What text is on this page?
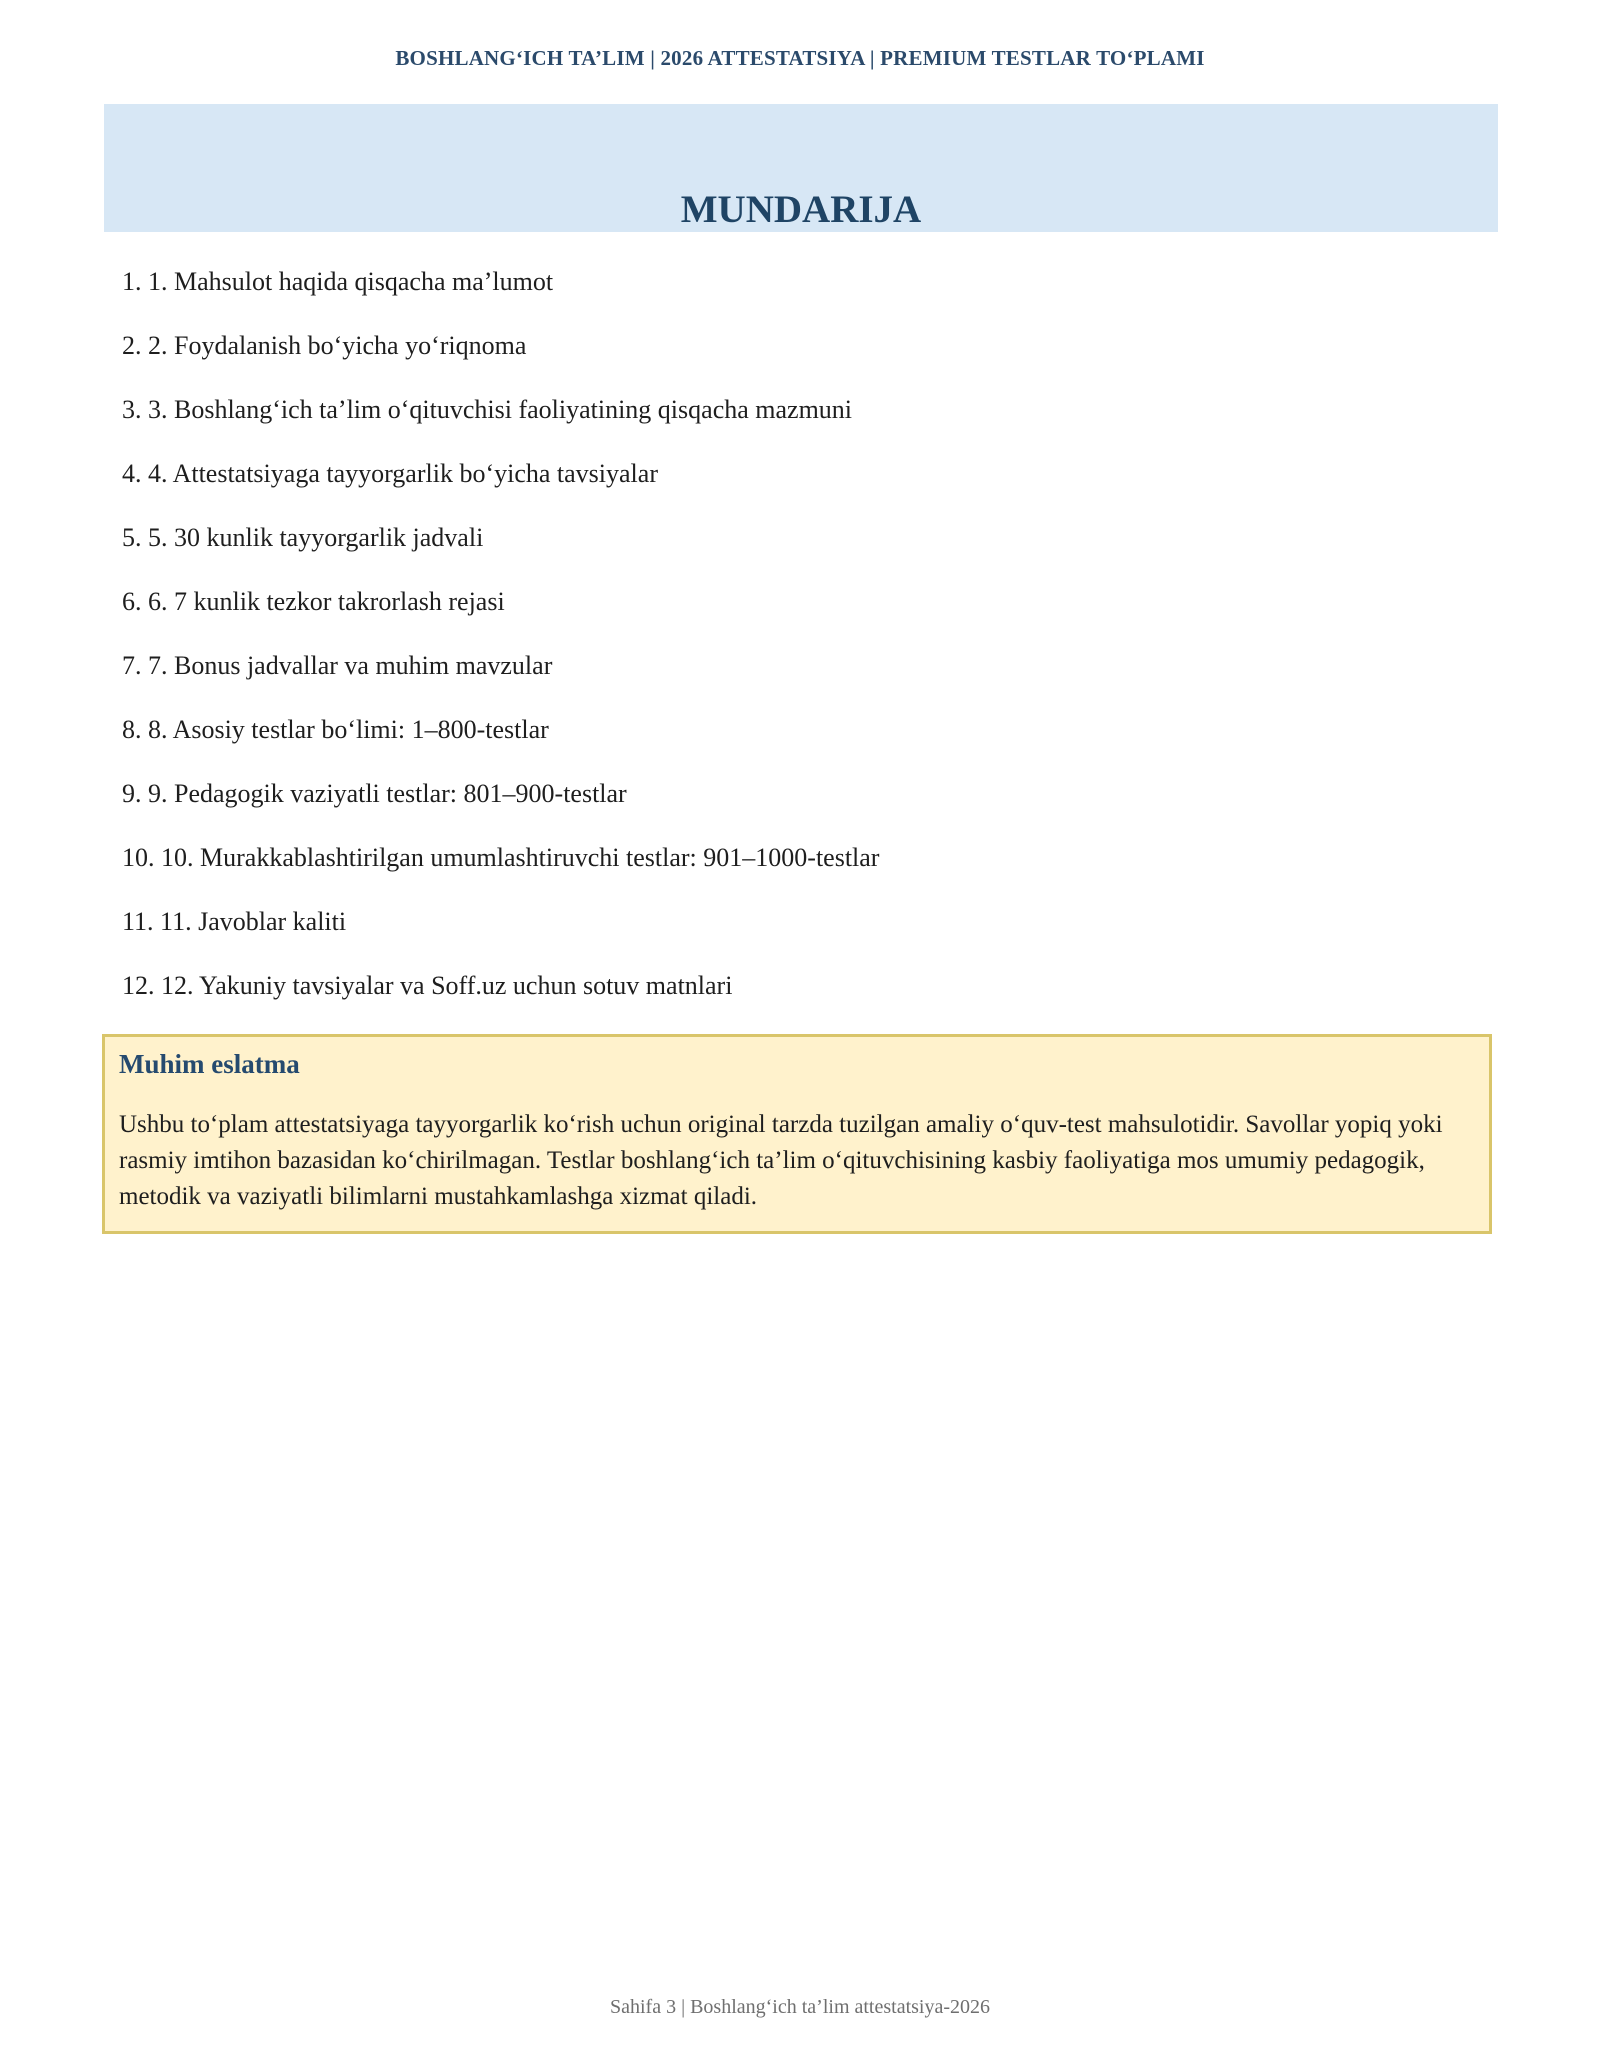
BOSHLANG‘ICH TA’LIM | 2026 ATTESTATSIYA | PREMIUM TESTLAR TO‘PLAMI
MUNDARIJA
1. 1. Mahsulot haqida qisqacha ma’lumot
2. 2. Foydalanish bo‘yicha yo‘riqnoma
3. 3. Boshlang‘ich ta’lim o‘qituvchisi faoliyatining qisqacha mazmuni
4. 4. Attestatsiyaga tayyorgarlik bo‘yicha tavsiyalar
5. 5. 30 kunlik tayyorgarlik jadvali
6. 6. 7 kunlik tezkor takrorlash rejasi
7. 7. Bonus jadvallar va muhim mavzular
8. 8. Asosiy testlar bo‘limi: 1–800-testlar
9. 9. Pedagogik vaziyatli testlar: 801–900-testlar
10. 10. Murakkablashtirilgan umumlashtiruvchi testlar: 901–1000-testlar
11. 11. Javoblar kaliti
12. 12. Yakuniy tavsiyalar va Soff.uz uchun sotuv matnlari

Muhim eslatma

Ushbu to‘plam attestatsiyaga tayyorgarlik ko‘rish uchun original tarzda tuzilgan amaliy o‘quv-test mahsulotidir. Savollar yopiq yoki rasmiy imtihon bazasidan ko‘chirilmagan. Testlar boshlang‘ich ta’lim o‘qituvchisining kasbiy faoliyatiga mos umumiy pedagogik, metodik va vaziyatli bilimlarni mustahkamlashga xizmat qiladi.

Sahifa 3 | Boshlang‘ich ta’lim attestatsiya-2026
